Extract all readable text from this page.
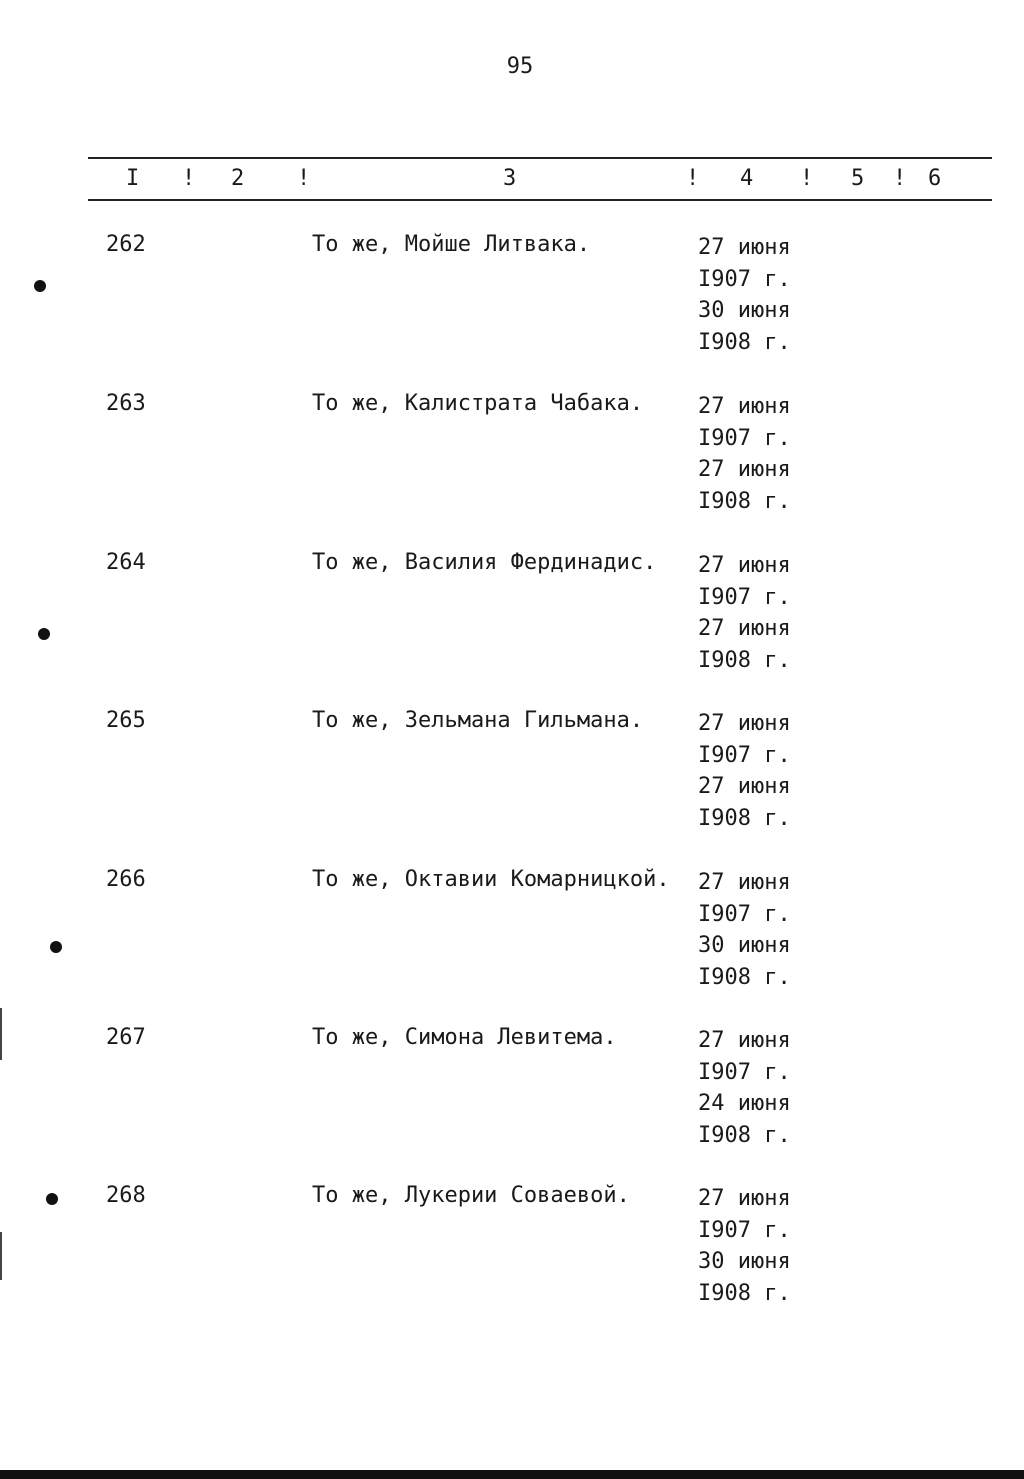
95
I ! 2 !	3	! 4 ! 5 ! 6
262	То же, Мойше Литвака.	27 июня
I907 г.
30 июня
I908 г.
263	То же, Калистрата Чабака. 27 июня
I907 г.
27 июня
I908 г.
264	То же, Василия Фердинадис. 27 июня
I907 г.
27 июня
I908 г.
265	То же, Зельмана Гильмана. 27 июня
I907 г.
27 июня
I908 г.
266	То же, Октавии Комарницкой. 27 июня
I907 г.
30 июня
I908 г.
267	То же, Симона Левитема.	27 июня
I907 г.
24 июня
I908 г.
268	То же, Лукерии Соваевой.	27 июня
I907 г.
30 июня
I908 г.
